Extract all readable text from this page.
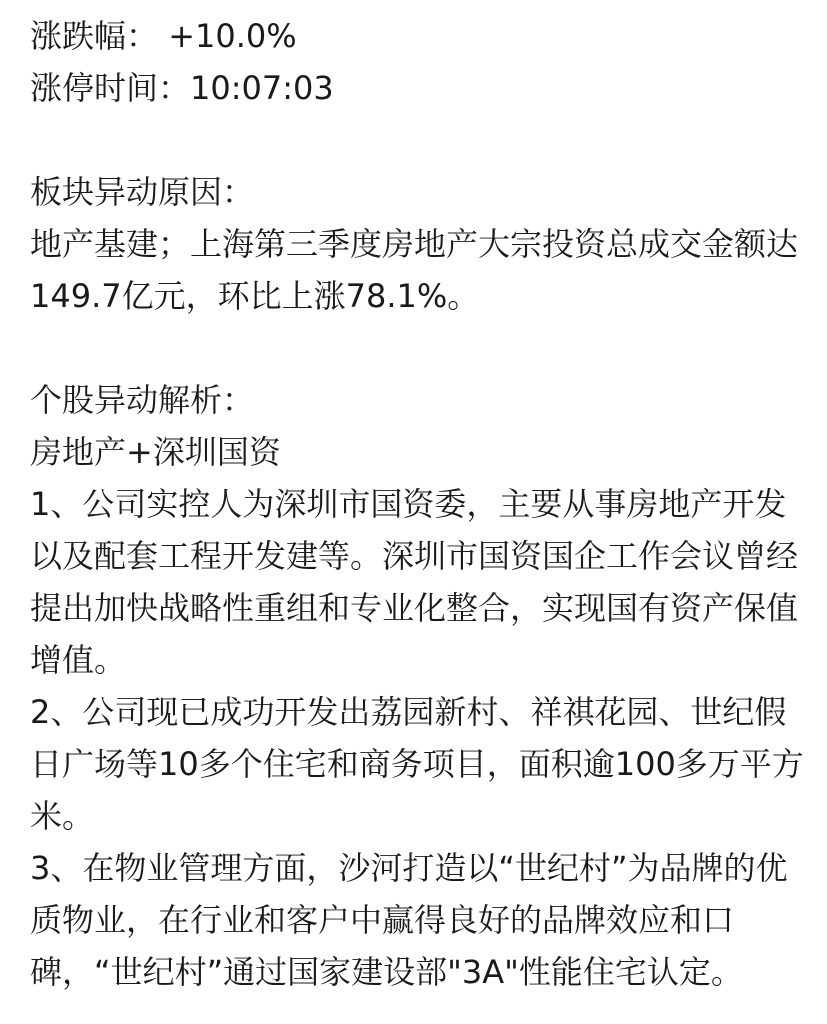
涨跌幅： +10.0%

涨停时间：10:07:03

板块异动原因：

地产基建；上海第三季度房地产大宗投资总成交金额达149.7亿元，环比上涨78.1%。

个股异动解析：

房地产+深圳国资

1、公司实控人为深圳市国资委，主要从事房地产开发以及配套工程开发建等。深圳市国资国企工作会议曾经提出加快战略性重组和专业化整合，实现国有资产保值增值。

2、公司现已成功开发出荔园新村、祥祺花园、世纪假日广场等10多个住宅和商务项目，面积逾100多万平方米。

3、在物业管理方面，沙河打造以“世纪村”为品牌的优质物业，在行业和客户中赢得良好的品牌效应和口碑，“世纪村”通过国家建设部"3A"性能住宅认定。
